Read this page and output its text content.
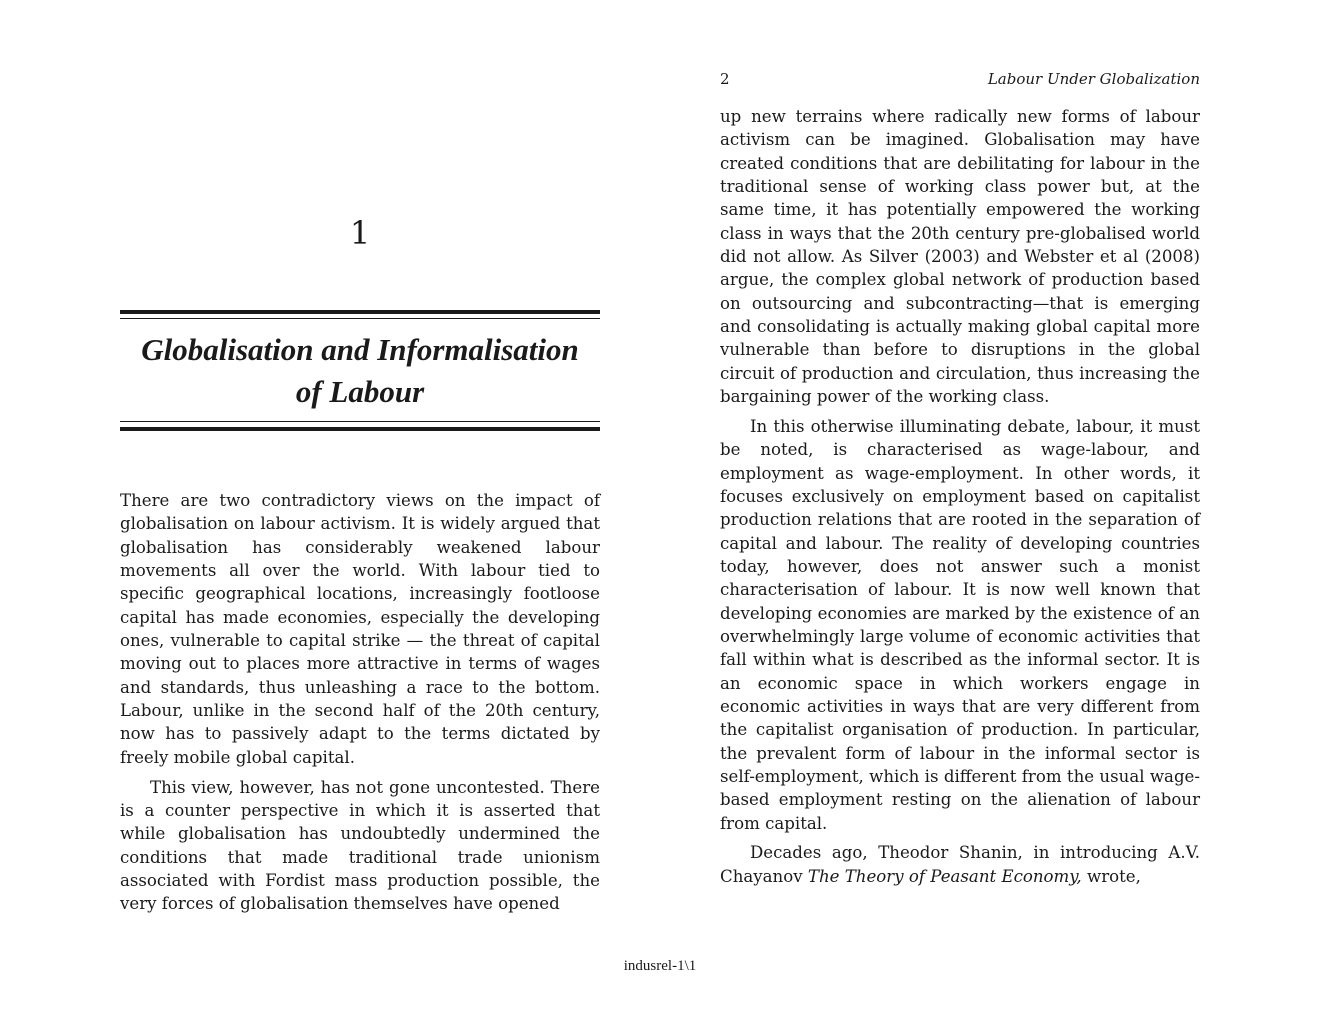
1
Globalisation and Informalisation
of Labour

There are two contradictory views on the impact of globalisation on labour activism. It is widely argued that globalisation has considerably weakened labour movements all over the world. With labour tied to specific geographical locations, increasingly footloose capital has made economies, especially the developing ones, vulnerable to capital strike — the threat of capital moving out to places more attractive in terms of wages and standards, thus unleashing a race to the bottom. Labour, unlike in the second half of the 20th century, now has to passively adapt to the terms dictated by freely mobile global capital.

This view, however, has not gone uncontested. There is a counter perspective in which it is asserted that while globalisation has undoubtedly undermined the conditions that made traditional trade unionism associated with Fordist mass production possible, the very forces of globalisation themselves have opened

2	Labour Under Globalization

up new terrains where radically new forms of labour activism can be imagined. Globalisation may have created conditions that are debilitating for labour in the traditional sense of working class power but, at the same time, it has potentially empowered the working class in ways that the 20th century pre-globalised world did not allow. As Silver (2003) and Webster et al (2008) argue, the complex global network of production based on outsourcing and subcontracting—that is emerging and consolidating is actually making global capital more vulnerable than before to disruptions in the global circuit of production and circulation, thus increasing the bargaining power of the working class.

In this otherwise illuminating debate, labour, it must be noted, is characterised as wage-labour, and employment as wage-employment. In other words, it focuses exclusively on employment based on capitalist production relations that are rooted in the separation of capital and labour. The reality of developing countries today, however, does not answer such a monist characterisation of labour. It is now well known that developing economies are marked by the existence of an overwhelmingly large volume of economic activities that fall within what is described as the informal sector. It is an economic space in which workers engage in economic activities in ways that are very different from the capitalist organisation of production. In particular, the prevalent form of labour in the informal sector is self-employment, which is different from the usual wage-based employment resting on the alienation of labour from capital.

Decades ago, Theodor Shanin, in introducing A.V. Chayanov The Theory of Peasant Economy, wrote,

indusrel-1\1
